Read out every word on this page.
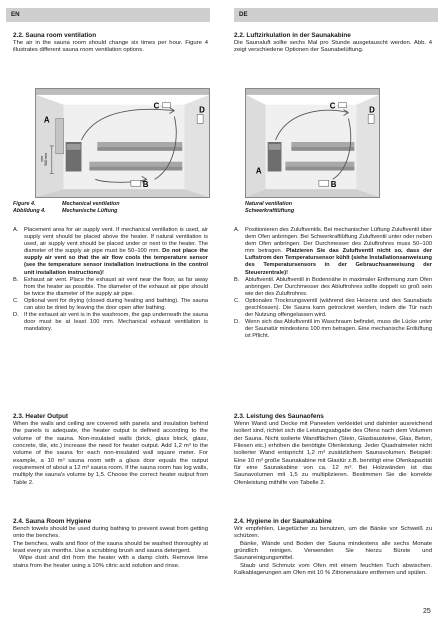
EN	DE
2.2. Sauna room ventilation

The air in the sauna room should change six times per hour. Figure 4 illustrates different sauna room ventilation options.

2.2. Luftzirkulation in der Saunakabine

Die Saunaluft sollte sechs Mal pro Stunde ausgetauscht werden. Abb. 4 zeigt verschiedene Optionen der Saunabelüftung.

min 500 mm
A
B
C	D
A
B
C	D
Figure 4.	Mechanical ventilation
Abbildung 4.	Mechanische Lüftung
Natural ventilation
Schwerkraftlüftung
A. Placement area for air supply vent. If mechanical ventilation is used, air supply vent should be placed above the heater. If natural ventilation is used, air supply vent should be placed under or next to the heater. The diameter of the supply air pipe must be 50–100 mm. Do not place the supply air vent so that the air flow cools the temperature sensor (see the temperature sensor installation instructions in the control unit installation instructions)!
B. Exhaust air vent. Place the exhaust air vent near the floor, as far away from the heater as possible. The diameter of the exhaust air pipe should be twice the diameter of the supply air pipe.
C. Optional vent for drying (closed during heating and bathing). The sauna can also be dried by leaving the door open after bathing.
D. If the exhaust air vent is in the washroom, the gap underneath the sauna door must be at least 100 mm. Mechanical exhaust ventilation is mandatory.
A. Positionieren des Zuluftventils. Bei mechanischer Lüftung Zuluftventil über dem Ofen anbringen. Bei Schwerkraftlüftung Zuluftventil unter oder neben dem Ofen anbringen. Der Durchmesser des Zuluftrohres muss 50–100 mm betragen. Platzieren Sie das Zuluftventil nicht so, dass der Luftstrom den Temperatursensor kühlt (siehe Installationsanweisung des Temperatursensors in der Gebrauchsanweisung der Steuerzentrale)!
B. Abluftventil. Abluftventil in Bodennähe in maximaler Entfernung zum Ofen anbringen. Der Durchmesser des Abluftrohres sollte doppelt so groß sein wie der des Zuluftrohres.
C. Optionales Trocknungsventil (während des Heizens und des Saunabads geschlossen). Die Sauna kann getrocknet werden, indem die Tür nach der Nutzung offengelassen wird.
D. Wenn sich das Abluftventil im Waschraum befindet, muss die Lücke unter der Saunatür mindestens 100 mm betragen. Eine mechanische Entlüftung ist Pflicht.
2.3. Heater Output

When the walls and ceiling are covered with panels and insulation behind the panels is adequate, the heater output is defined according to the volume of the sauna. Non-insulated walls (brick, glass block, glass, concrete, tile, etc.) increase the need for heater output. Add 1,2 m³ to the volume of the sauna for each non-insulated wall square meter. For example, a 10 m³ sauna room with a glass door equals the output requirement of about a 12 m³ sauna room. If the sauna room has log walls, multiply the sauna's volume by 1,5. Choose the correct heater output from Table 2.

2.3. Leistung des Saunaofens

Wenn Wand und Decke mit Paneelen verkleidet und dahinter ausreichend isoliert sind, richtet sich die Leistungsabgabe des Ofens nach dem Volumen der Sauna. Nicht isolierte Wandflächen (Stein, Glasbausteine, Glas, Beton, Fliesen etc.) erhöhen die benötigte Ofenleistung. Jeder Quadratmeter nicht isolierter Wand entspricht 1,2 m³ zusätzlichem Saunavolumen. Beispiel: Eine 10 m³ große Saunakabine mit Glastür z.B. benötigt eine Ofenkapazität für eine Saunakabine von ca. 12 m³. Bei Holzwänden ist das Saunavolumen mit 1,5 zu multiplizieren. Bestimmen Sie die korrekte Ofenleistung mithilfe von Tabelle 2.

2.4. Sauna Room Hygiene

Bench towels should be used during bathing to prevent sweat from getting onto the benches.

The benches, walls and floor of the sauna should be washed thoroughly at least every six months. Use a scrubbing brush and sauna detergent.

Wipe dust and dirt from the heater with a damp cloth. Remove lime stains from the heater using a 10% citric acid solution and rinse.

2.4. Hygiene in der Saunakabine

Wir empfehlen, Liegetücher zu benutzen, um die Bänke vor Schweiß zu schützen.

Bänke, Wände und Boden der Sauna mindestens alle sechs Monate gründlich reinigen. Verwenden Sie hierzu Bürste und Saunareinigungsmittel.

Staub und Schmutz vom Ofen mit einem feuchten Tuch abwischen. Kalkablagerungen am Ofen mit 10 % Zitronensäure entfernen und spülen.

25
